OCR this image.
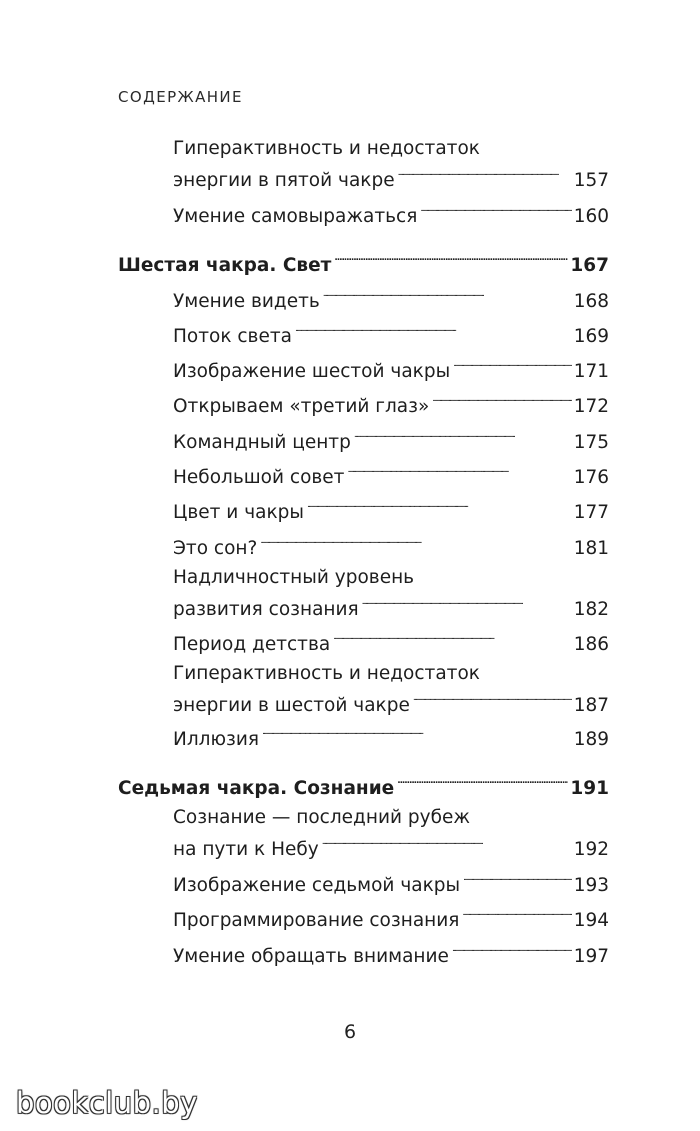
СОДЕРЖАНИЕ
Гиперактивность и недостаток
энергии в пятой чакре . . .	157
Умение самовыражаться . . .	160
Шестая чакра. Свет . . .	167
Умение видеть . . .	168
Поток света . . .	169
Изображение шестой чакры . . .	171
Открываем «третий глаз» . . .	172
Командный центр . . .	175
Небольшой совет . . .	176
Цвет и чакры . . .	177
Это сон? . . .	181
Надличностный уровень
развития сознания . . .	182
Период детства . . .	186
Гиперактивность и недостаток
энергии в шестой чакре . . .	187
Иллюзия . . .	189
Седьмая чакра. Сознание . . .	191
Сознание — последний рубеж
на пути к Небу . . .	192
Изображение седьмой чакры . . .	193
Программирование сознания . . .	194
Умение обращать внимание . . .	197
6
bookclub.by
